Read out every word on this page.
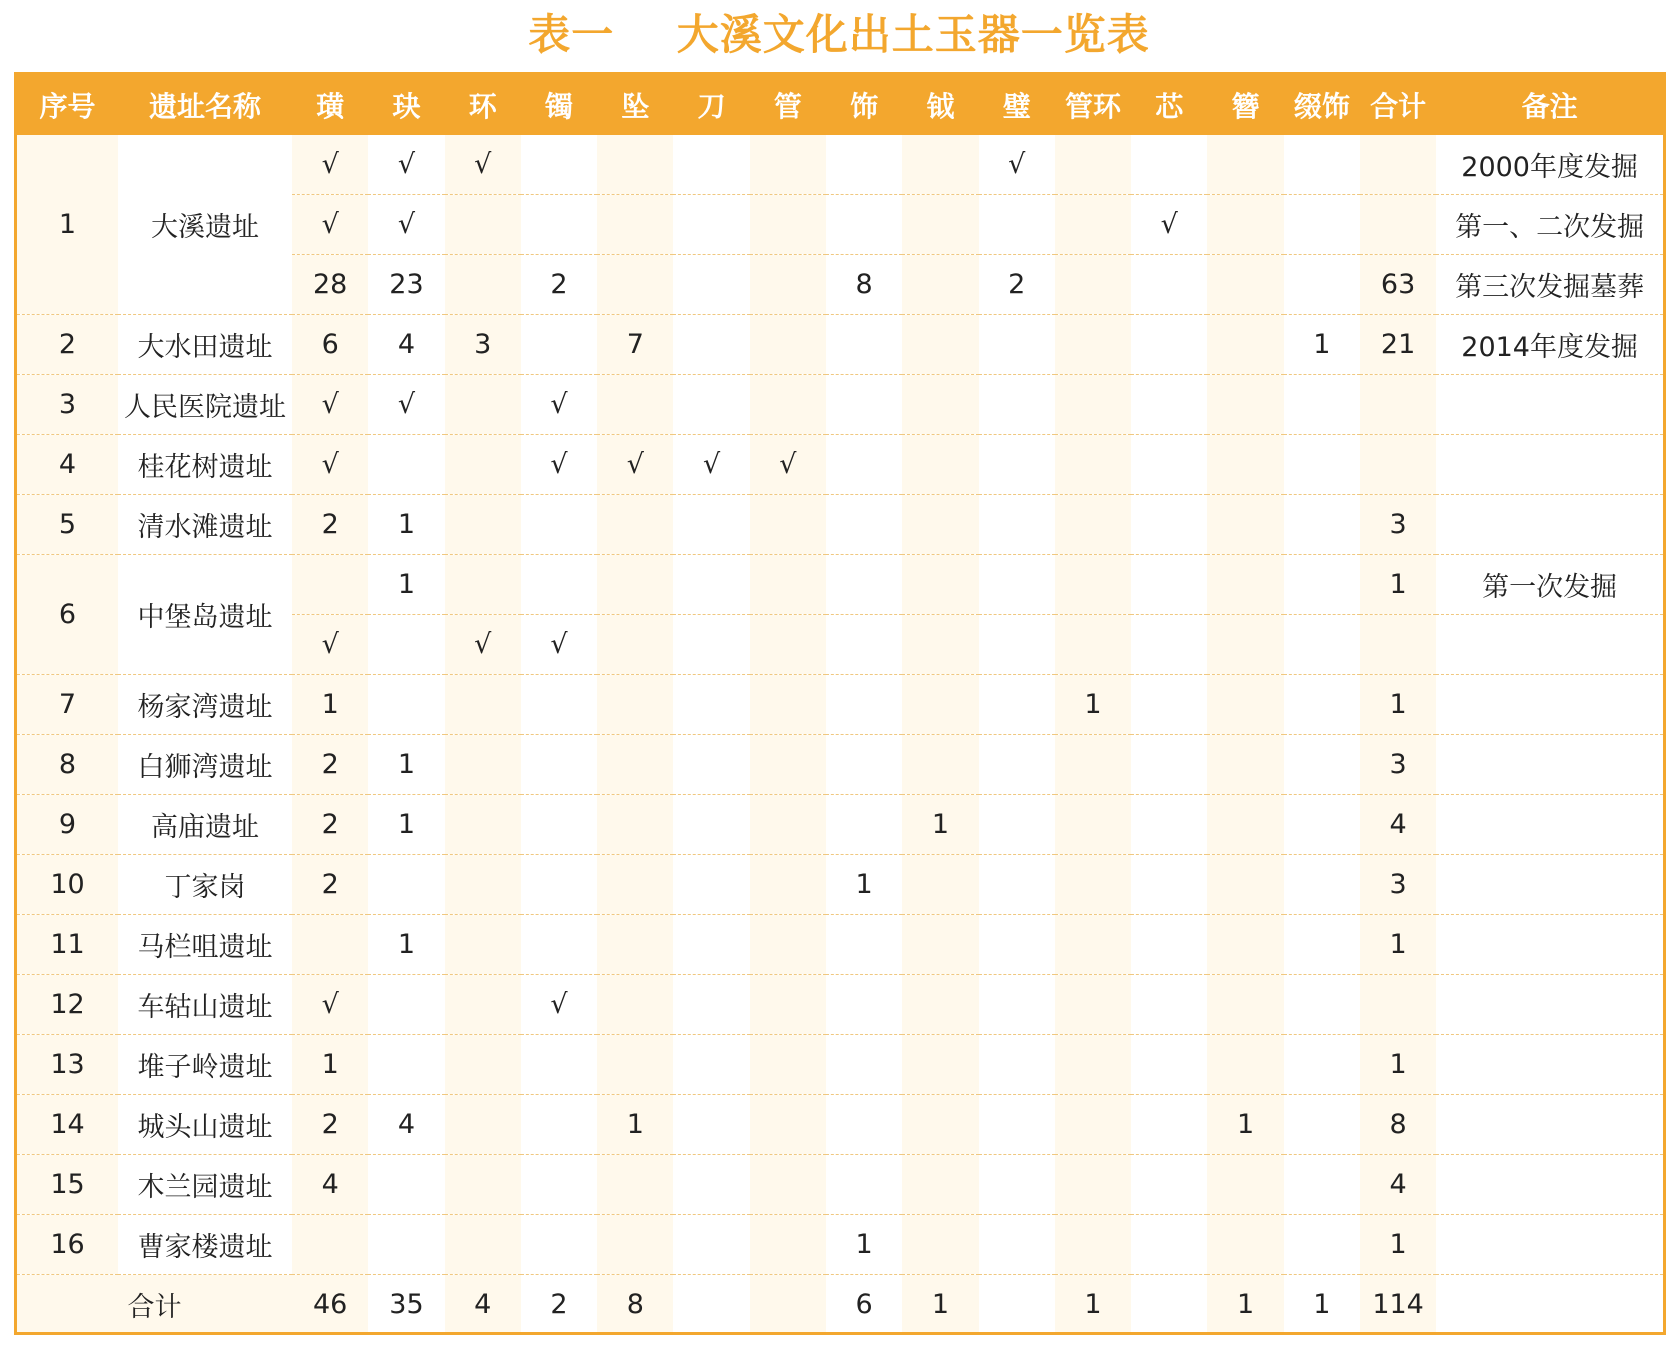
表一    大溪文化出土玉器一览表
序号	遗址名称	璜	玦	环	镯	坠	刀	管	饰	钺	璧	管环	芯	簪	缀饰	合计	备注
1	大溪遗址	√	√	√							√						2000年度发掘
		√	√										√				第一、二次发掘
		28	23		2				8		2					63	第三次发掘墓葬
2	大水田遗址	6	4	3		7									1	21	2014年度发掘
3	人民医院遗址	√	√		√												
4	桂花树遗址	√			√	√	√	√									
5	清水滩遗址	2	1													3	
6	中堡岛遗址		1													1	第一次发掘
		√		√	√												
7	杨家湾遗址	1										1				1	
8	白狮湾遗址	2	1													3	
9	高庙遗址	2	1							1						4	
10	丁家岗	2							1							3	
11	马栏咀遗址		1													1	
12	车轱山遗址	√			√												
13	堆子岭遗址	1														1	
14	城头山遗址	2	4			1								1		8	
15	木兰园遗址	4														4	
16	曹家楼遗址								1							1	
合计		46	35	4	2	8			6	1		1		1	1	114	
